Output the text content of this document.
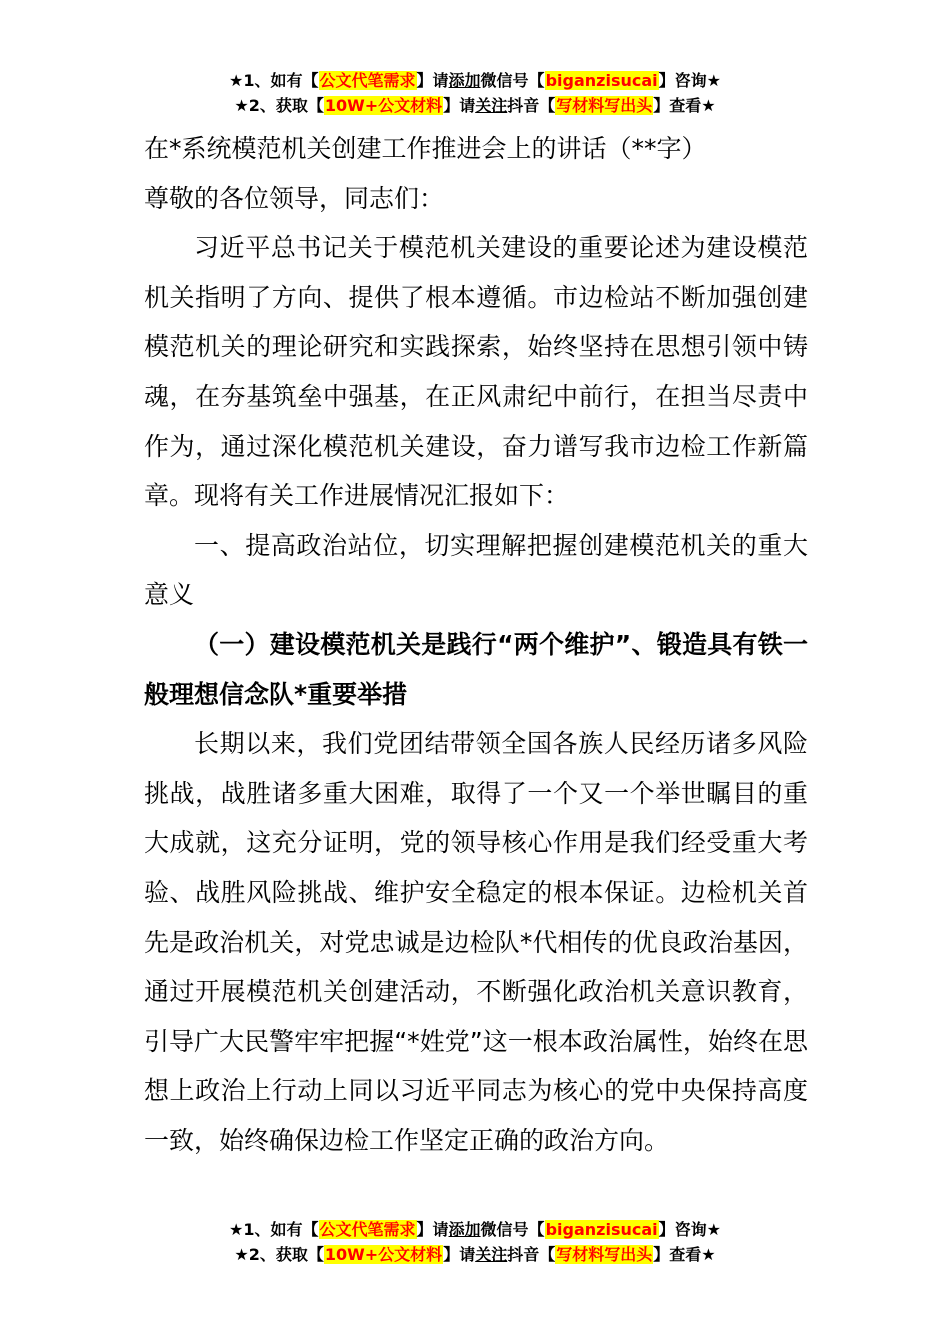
★1、如有【公文代笔需求】请添加微信号【biganzisucai】咨询★
★2、获取【10W+公文材料】请关注抖音【写材料写出头】查看★

在*系统模范机关创建工作推进会上的讲话（**字）

尊敬的各位领导，同志们：

习近平总书记关于模范机关建设的重要论述为建设模范机关指明了方向、提供了根本遵循。市边检站不断加强创建模范机关的理论研究和实践探索，始终坚持在思想引领中铸魂，在夯基筑垒中强基，在正风肃纪中前行，在担当尽责中作为，通过深化模范机关建设，奋力谱写我市边检工作新篇章。现将有关工作进展情况汇报如下：

一、提高政治站位，切实理解把握创建模范机关的重大意义

（一）建设模范机关是践行“两个维护”、锻造具有铁一般理想信念队*重要举措

长期以来，我们党团结带领全国各族人民经历诸多风险挑战，战胜诸多重大困难，取得了一个又一个举世瞩目的重大成就，这充分证明，党的领导核心作用是我们经受重大考验、战胜风险挑战、维护安全稳定的根本保证。边检机关首先是政治机关，对党忠诚是边检队*代相传的优良政治基因，通过开展模范机关创建活动，不断强化政治机关意识教育，引导广大民警牢牢把握“*姓党”这一根本政治属性，始终在思想上政治上行动上同以习近平同志为核心的党中央保持高度一致，始终确保边检工作坚定正确的政治方向。

★1、如有【公文代笔需求】请添加微信号【biganzisucai】咨询★
★2、获取【10W+公文材料】请关注抖音【写材料写出头】查看★
